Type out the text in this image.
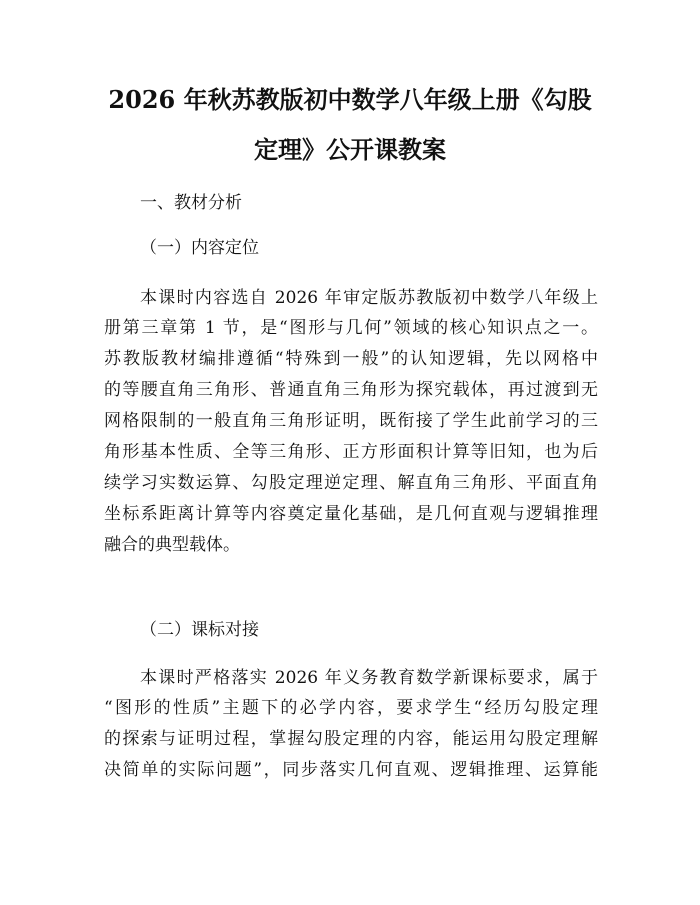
2026 年秋苏教版初中数学八年级上册《勾股
定理》公开课教案
一、教材分析
（一）内容定位
本课时内容选自 2026 年审定版苏教版初中数学八年级上
册第三章第 1 节，是“图形与几何”领域的核心知识点之一。
苏教版教材编排遵循“特殊到一般”的认知逻辑，先以网格中
的等腰直角三角形、普通直角三角形为探究载体，再过渡到无
网格限制的一般直角三角形证明，既衔接了学生此前学习的三
角形基本性质、全等三角形、正方形面积计算等旧知，也为后
续学习实数运算、勾股定理逆定理、解直角三角形、平面直角
坐标系距离计算等内容奠定量化基础，是几何直观与逻辑推理
融合的典型载体。
（二）课标对接
本课时严格落实 2026 年义务教育数学新课标要求，属于
“图形的性质”主题下的必学内容，要求学生“经历勾股定理
的探索与证明过程，掌握勾股定理的内容，能运用勾股定理解
决简单的实际问题”，同步落实几何直观、逻辑推理、运算能
